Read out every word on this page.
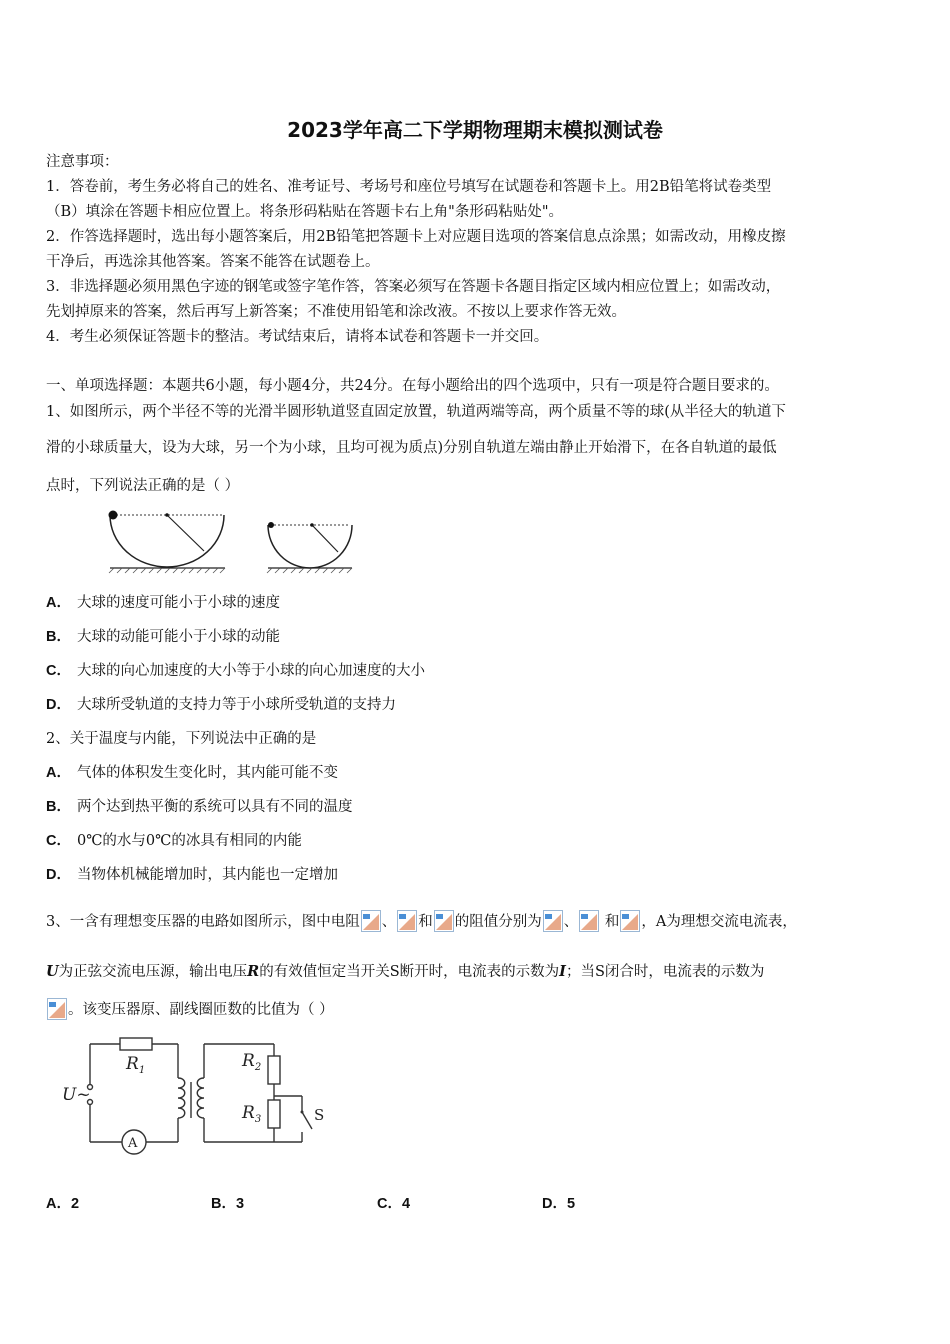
2023学年高二下学期物理期末模拟测试卷
注意事项：
1．答卷前，考生务必将自己的姓名、准考证号、考场号和座位号填写在试题卷和答题卡上。用2B铅笔将试卷类型
（B）填涂在答题卡相应位置上。将条形码粘贴在答题卡右上角"条形码粘贴处"。
2．作答选择题时，选出每小题答案后，用2B铅笔把答题卡上对应题目选项的答案信息点涂黑；如需改动，用橡皮擦
干净后，再选涂其他答案。答案不能答在试题卷上。
3．非选择题必须用黑色字迹的钢笔或签字笔作答，答案必须写在答题卡各题目指定区域内相应位置上；如需改动，
先划掉原来的答案，然后再写上新答案；不准使用铅笔和涂改液。不按以上要求作答无效。
4．考生必须保证答题卡的整洁。考试结束后，请将本试卷和答题卡一并交回。
一、单项选择题：本题共6小题，每小题4分，共24分。在每小题给出的四个选项中，只有一项是符合题目要求的。
1、如图所示，两个半径不等的光滑半圆形轨道竖直固定放置，轨道两端等高，两个质量不等的球(从半径大的轨道下
滑的小球质量大，设为大球，另一个为小球，且均可视为质点)分别自轨道左端由静止开始滑下，在各自轨道的最低
点时，下列说法正确的是（ ）
A． 大球的速度可能小于小球的速度
B． 大球的动能可能小于小球的动能
C． 大球的向心加速度的大小等于小球的向心加速度的大小
D． 大球所受轨道的支持力等于小球所受轨道的支持力
2、关于温度与内能，下列说法中正确的是
A． 气体的体积发生变化时，其内能可能不变
B． 两个达到热平衡的系统可以具有不同的温度
C． 0℃的水与0℃的冰具有相同的内能
D． 当物体机械能增加时，其内能也一定增加
3、一含有理想变压器的电路如图所示，图中电阻 、 和 的阻值分别为 、 和 ，A为理想交流电流表，
U为正弦交流电压源，输出电压R的有效值恒定当开关S断开时，电流表的示数为I；当S闭合时，电流表的示数为
。该变压器原、副线圈匝数的比值为（ ）
$R_1$	$R_2$
$R_3$
U~
A
S
A．2	B．3	C．4	D．5
